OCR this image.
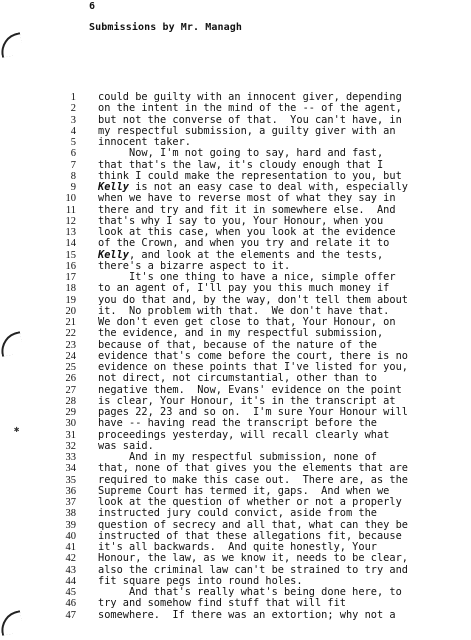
6
Submissions by Mr. Managh
✱
1 could be guilty with an innocent giver, depending
2 on the intent in the mind of the -- of the agent,
3 but not the converse of that.  You can't have, in
4 my respectful submission, a guilty giver with an
5 innocent taker.
6 Now, I'm not going to say, hard and fast,
7 that that's the law, it's cloudy enough that I
8 think I could make the representation to you, but
9 Kelly is not an easy case to deal with, especially
10 when we have to reverse most of what they say in
11 there and try and fit it in somewhere else.  And
12 that's why I say to you, Your Honour, when you
13 look at this case, when you look at the evidence
14 of the Crown, and when you try and relate it to
15 Kelly, and look at the elements and the tests,
16 there's a bizarre aspect to it.
17 It's one thing to have a nice, simple offer
18 to an agent of, I'll pay you this much money if
19 you do that and, by the way, don't tell them about
20 it.  No problem with that.  We don't have that.
21 We don't even get close to that, Your Honour, on
22 the evidence, and in my respectful submission,
23 because of that, because of the nature of the
24 evidence that's come before the court, there is no
25 evidence on these points that I've listed for you,
26 not direct, not circumstantial, other than to
27 negative them.  Now, Evans' evidence on the point
28 is clear, Your Honour, it's in the transcript at
29 pages 22, 23 and so on.  I'm sure Your Honour will
30 have -- having read the transcript before the
31 proceedings yesterday, will recall clearly what
32 was said.
33 And in my respectful submission, none of
34 that, none of that gives you the elements that are
35 required to make this case out.  There are, as the
36 Supreme Court has termed it, gaps.  And when we
37 look at the question of whether or not a properly
38 instructed jury could convict, aside from the
39 question of secrecy and all that, what can they be
40 instructed of that these allegations fit, because
41 it's all backwards.  And quite honestly, Your
42 Honour, the law, as we know it, needs to be clear,
43 also the criminal law can't be strained to try and
44 fit square pegs into round holes.
45 And that's really what's being done here, to
46 try and somehow find stuff that will fit
47 somewhere.  If there was an extortion; why not a
